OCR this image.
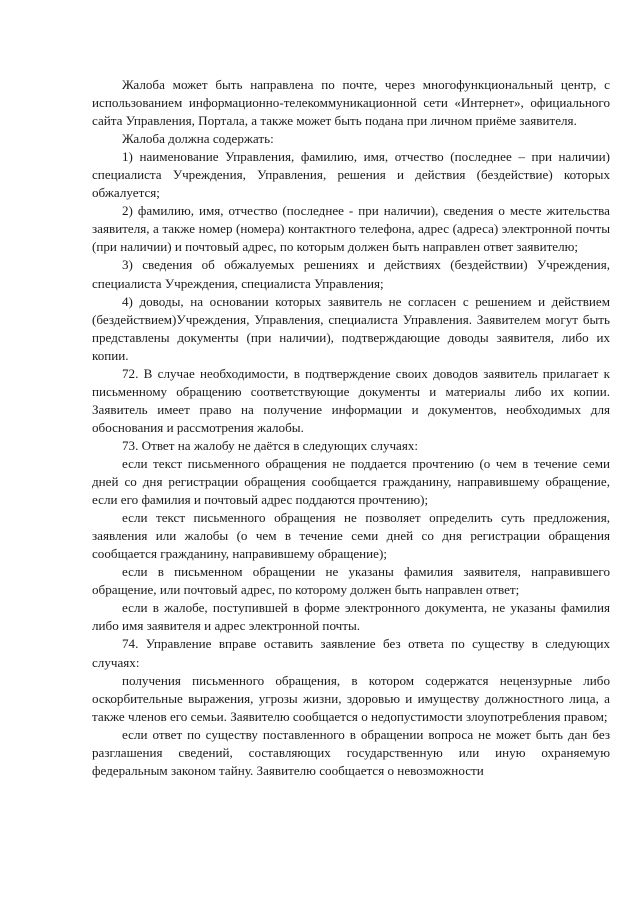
Жалоба может быть направлена по почте, через многофункциональный центр, с использованием информационно-телекоммуникационной сети «Интернет», официального сайта Управления, Портала, а также может быть подана при личном приёме заявителя.

Жалоба должна содержать:

1) наименование Управления, фамилию, имя, отчество (последнее – при наличии) специалиста Учреждения, Управления, решения и действия (бездействие) которых обжалуется;

2) фамилию, имя, отчество (последнее - при наличии), сведения о месте жительства заявителя, а также номер (номера) контактного телефона, адрес (адреса) электронной почты (при наличии) и почтовый адрес, по которым должен быть направлен ответ заявителю;

3) сведения об обжалуемых решениях и действиях (бездействии) Учреждения, специалиста Учреждения, специалиста Управления;

4) доводы, на основании которых заявитель не согласен с решением и действием (бездействием)Учреждения, Управления, специалиста Управления. Заявителем могут быть представлены документы (при наличии), подтверждающие доводы заявителя, либо их копии.

72. В случае необходимости, в подтверждение своих доводов заявитель прилагает к письменному обращению соответствующие документы и материалы либо их копии. Заявитель имеет право на получение информации и документов, необходимых для обоснования и рассмотрения жалобы.

73. Ответ на жалобу не даётся в следующих случаях:

если текст письменного обращения не поддается прочтению (о чем в течение семи дней со дня регистрации обращения сообщается гражданину, направившему обращение, если его фамилия и почтовый адрес поддаются прочтению);

если текст письменного обращения не позволяет определить суть предложения, заявления или жалобы (о чем в течение семи дней со дня регистрации обращения сообщается гражданину, направившему обращение);

если в письменном обращении не указаны фамилия заявителя, направившего обращение, или почтовый адрес, по которому должен быть направлен ответ;

если в жалобе, поступившей в форме электронного документа, не указаны фамилия либо имя заявителя и адрес электронной почты.

74. Управление вправе оставить заявление без ответа по существу в следующих случаях:

получения письменного обращения, в котором содержатся нецензурные либо оскорбительные выражения, угрозы жизни, здоровью и имуществу должностного лица, а также членов его семьи. Заявителю сообщается о недопустимости злоупотребления правом;

если ответ по существу поставленного в обращении вопроса не может быть дан без разглашения сведений, составляющих государственную или иную охраняемую федеральным законом тайну. Заявителю сообщается о невозможности
